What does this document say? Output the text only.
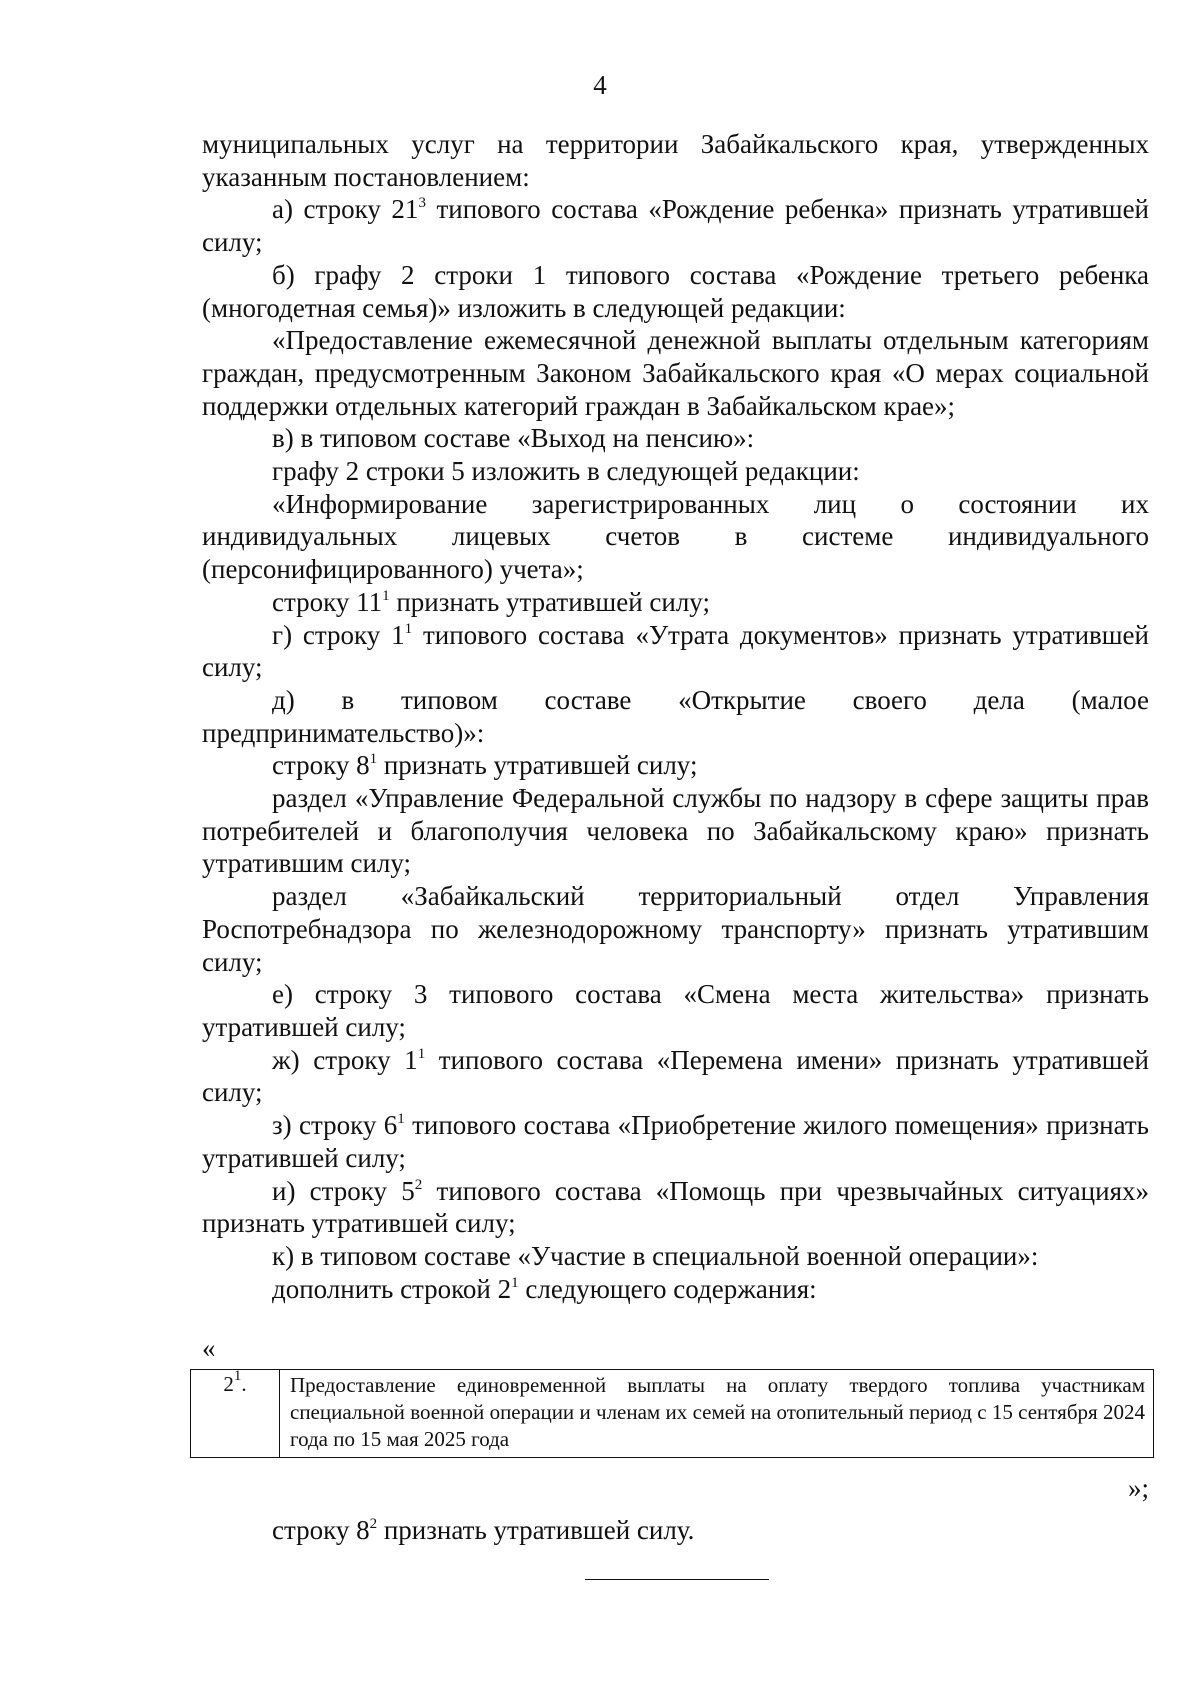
4

муниципальных услуг на территории Забайкальского края, утвержденных указанным постановлением:

а) строку $21^3$ типового состава «Рождение ребенка» признать утратившей силу;

б) графу 2 строки 1 типового состава «Рождение третьего ребенка (многодетная семья)» изложить в следующей редакции:

«Предоставление ежемесячной денежной выплаты отдельным категориям граждан, предусмотренным Законом Забайкальского края «О мерах социальной поддержки отдельных категорий граждан в Забайкальском крае»;

в) в типовом составе «Выход на пенсию»:

графу 2 строки 5 изложить в следующей редакции:

«Информирование зарегистрированных лиц о состоянии их индивидуальных лицевых счетов в системе индивидуального (персонифицированного) учета»;

строку $11^1$ признать утратившей силу;

г) строку $1^1$ типового состава «Утрата документов» признать утратившей силу;

д) в типовом составе «Открытие своего дела (малое предпринимательство)»:

строку $8^1$ признать утратившей силу;

раздел «Управление Федеральной службы по надзору в сфере защиты прав потребителей и благополучия человека по Забайкальскому краю» признать утратившим силу;

раздел «Забайкальский территориальный отдел Управления Роспотребнадзора по железнодорожному транспорту» признать утратившим силу;

е) строку 3 типового состава «Смена места жительства» признать утратившей силу;

ж) строку $1^1$ типового состава «Перемена имени» признать утратившей силу;

з) строку $6^1$ типового состава «Приобретение жилого помещения» признать утратившей силу;

и) строку $5^2$ типового состава «Помощь при чрезвычайных ситуациях» признать утратившей силу;

к) в типовом составе «Участие в специальной военной операции»:

дополнить строкой $2^1$ следующего содержания:

«
$2^1$.	Предоставление единовременной выплаты на оплату твердого топлива участникам специальной военной операции и членам их семей на отопительный период с 15 сентября 2024 года по 15 мая 2025 года
»;
строку $8^2$ признать утратившей силу.
